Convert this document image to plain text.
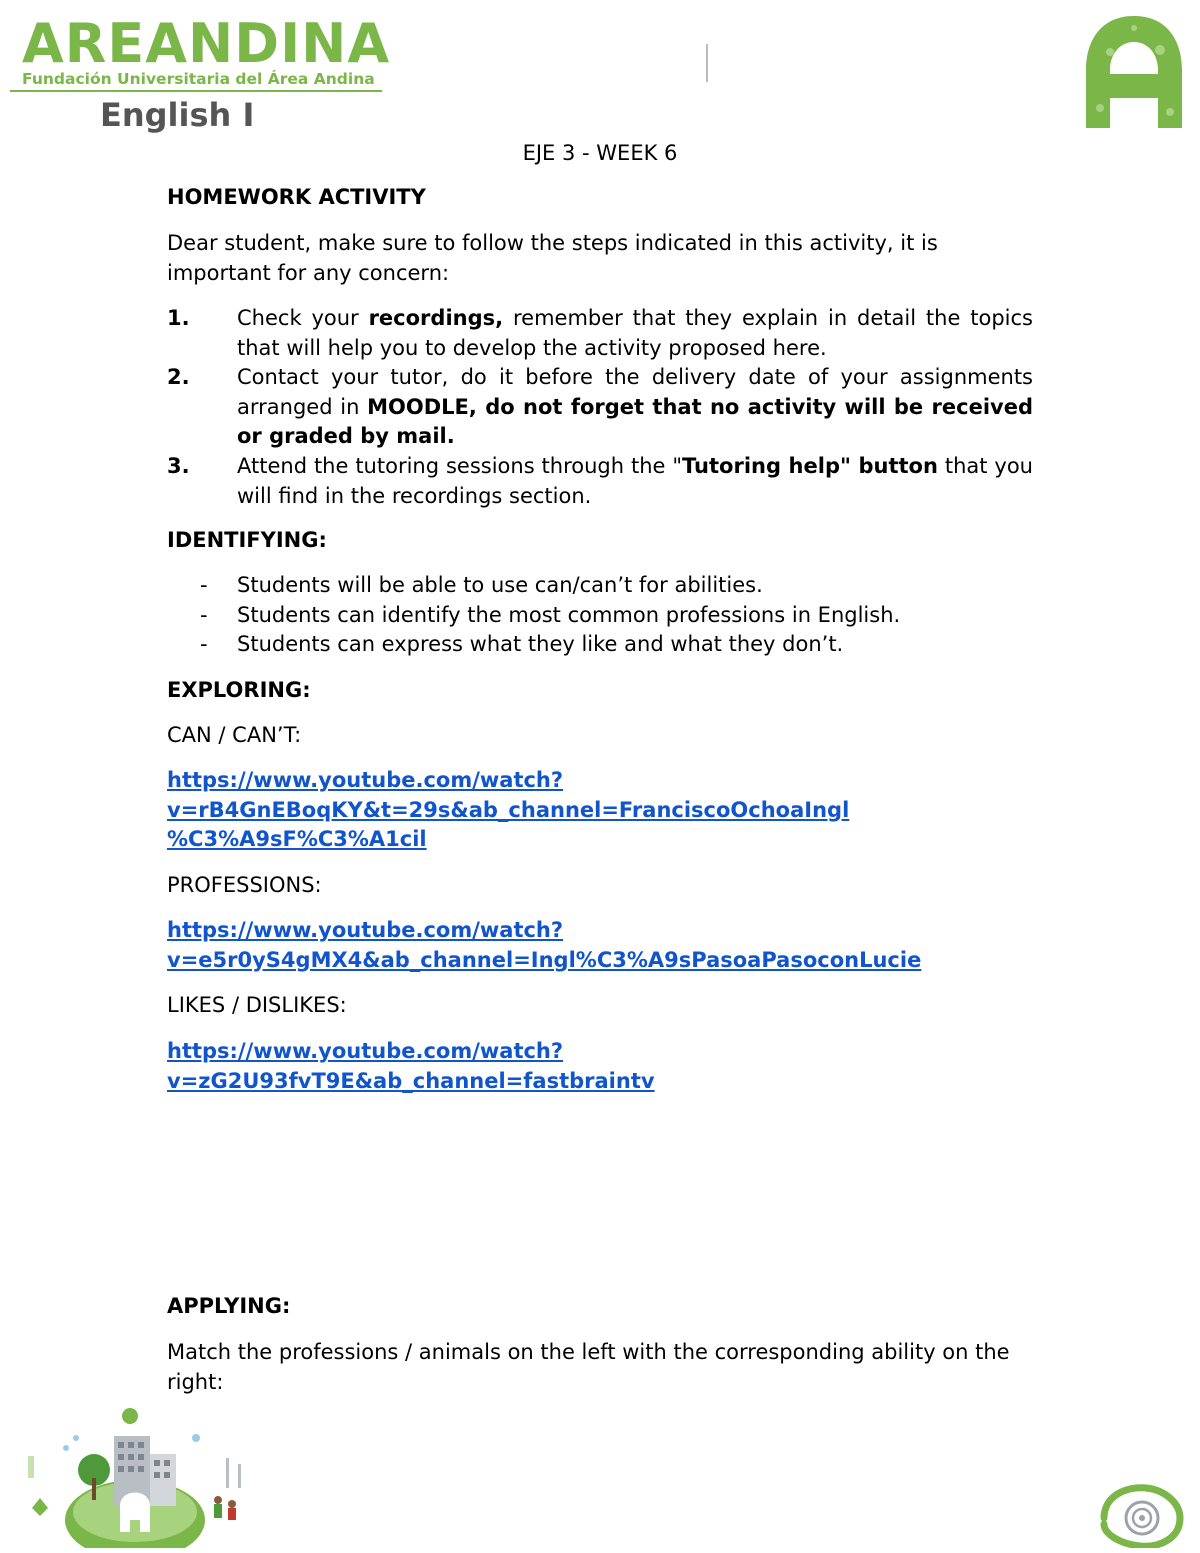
AREANDINA
Fundación Universitaria del Área Andina
English I
EJE 3 - WEEK 6
HOMEWORK ACTIVITY
Dear student, make sure to follow the steps indicated in this activity, it is important for any concern:
1.	Check your recordings, remember that they explain in detail the topics that will help you to develop the activity proposed here.
2.	Contact your tutor, do it before the delivery date of your assignments arranged in MOODLE, do not forget that no activity will be received or graded by mail.
3.	Attend the tutoring sessions through the "Tutoring help" button that you will find in the recordings section.
IDENTIFYING:
-	Students will be able to use can/can’t for abilities.
-	Students can identify the most common professions in English.
-	Students can express what they like and what they don’t.
EXPLORING:
CAN / CAN’T:
https://www.youtube.com/watch?
v=rB4GnEBoqKY&t=29s&ab_channel=FranciscoOchoaIngl
%C3%A9sF%C3%A1cil
PROFESSIONS:
https://www.youtube.com/watch?
v=e5r0yS4gMX4&ab_channel=Ingl%C3%A9sPasoaPasoconLucie
LIKES / DISLIKES:
https://www.youtube.com/watch?
v=zG2U93fvT9E&ab_channel=fastbraintv
APPLYING:
Match the professions / animals on the left with the corresponding ability on the right:
